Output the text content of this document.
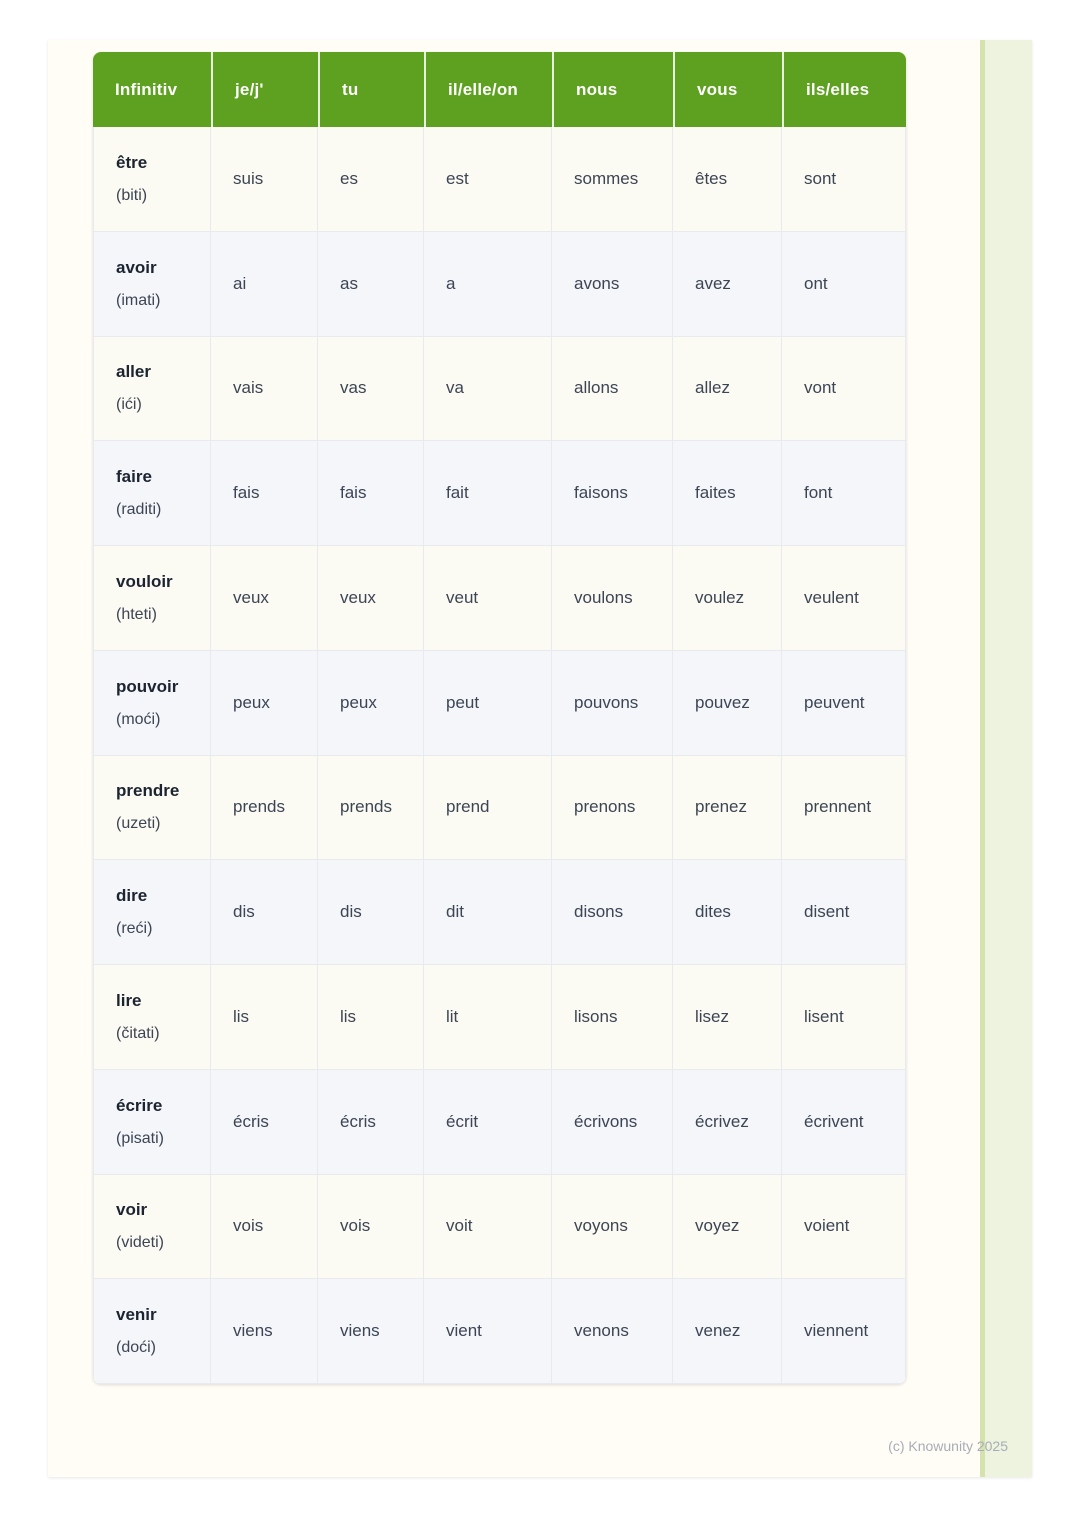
Infinitiv	je/j'	tu	il/elle/on	nous	vous	ils/elles
être
(biti)
suis	es	est	sommes	êtes	sont
avoir
(imati)
ai	as	a	avons	avez	ont
aller
(ići)
vais	vas	va	allons	allez	vont
faire
(raditi)
fais	fais	fait	faisons	faites	font
vouloir
(hteti)
veux	veux	veut	voulons	voulez	veulent
pouvoir
(moći)
peux	peux	peut	pouvons	pouvez	peuvent
prendre
(uzeti)
prends	prends	prend	prenons	prenez	prennent
dire
(reći)
dis	dis	dit	disons	dites	disent
lire
(čitati)
lis	lis	lit	lisons	lisez	lisent
écrire
(pisati)
écris	écris	écrit	écrivons	écrivez	écrivent
voir
(videti)
vois	vois	voit	voyons	voyez	voient
venir
(doći)
viens	viens	vient	venons	venez	viennent
(c) Knowunity 2025
